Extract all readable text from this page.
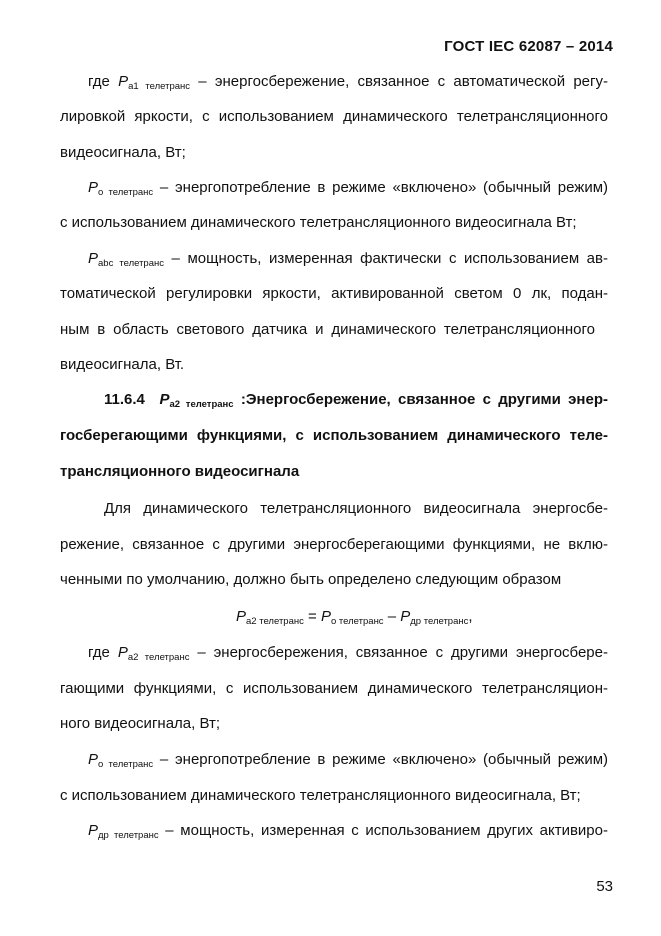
ГОСТ IEC 62087 – 2014
где $P_{a1 телетранс}$ – энергосбережение, связанное с автоматической регу-
лировкой яркости, с использованием динамического телетрансляционного
видеосигнала, Вт;
$P_{о телетранс}$ – энергопотребление в режиме «включено» (обычный режим)
с использованием динамического телетрансляционного видеосигнала Вт;
$P_{abc телетранс}$ – мощность, измеренная фактически с использованием ав-
томатической регулировки яркости, активированной светом 0 лк, подан-
ным в область светового датчика и динамического телетрансляционного
видеосигнала, Вт.
11.6.4 $P_{a2 телетранс}$ :Энергосбережение, связанное с другими энер-
госберегающими функциями, с использованием динамического теле-
трансляционного видеосигнала
Для динамического телетрансляционного видеосигнала энергосбе-
режение, связанное с другими энергосберегающими функциями, не вклю-
ченными по умолчанию, должно быть определено следующим образом
$P_{a2 телетранс} = P_{о телетранс} - P_{др телетранс}$,
где $P_{a2 телетранс}$ – энергосбережения, связанное с другими энергосбере-
гающими функциями, с использованием динамического телетрансляцион-
ного видеосигнала, Вт;
$P_{о телетранс}$ – энергопотребление в режиме «включено» (обычный режим)
с использованием динамического телетрансляционного видеосигнала, Вт;
$P_{др телетранс}$ – мощность, измеренная с использованием других активиро-
53
